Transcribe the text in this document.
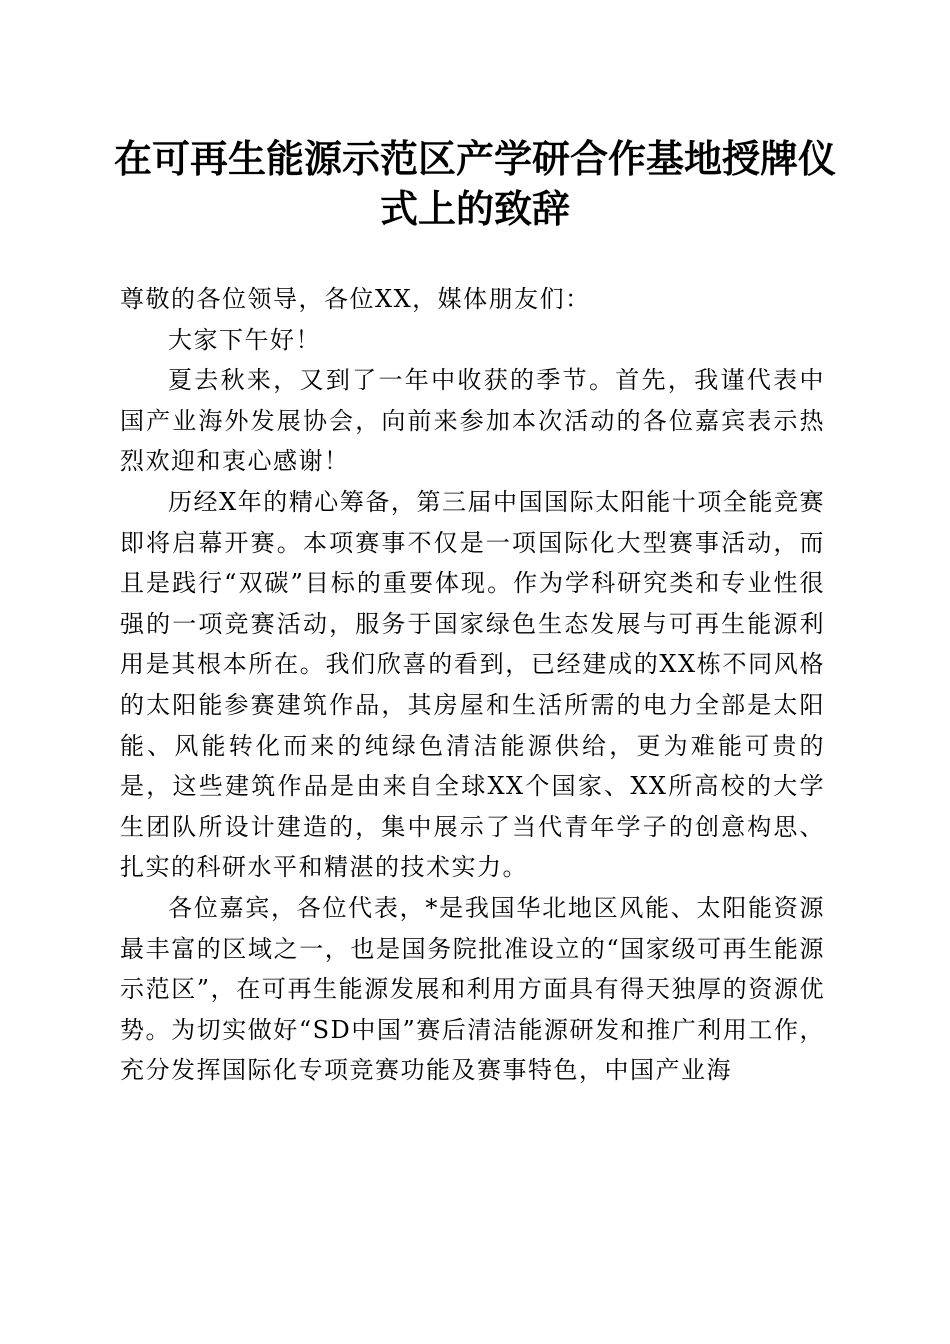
在可再生能源示范区产学研合作基地授牌仪式上的致辞

尊敬的各位领导，各位XX，媒体朋友们：

大家下午好！

夏去秋来，又到了一年中收获的季节。首先，我谨代表中国产业海外发展协会，向前来参加本次活动的各位嘉宾表示热烈欢迎和衷心感谢！

历经X年的精心筹备，第三届中国国际太阳能十项全能竞赛即将启幕开赛。本项赛事不仅是一项国际化大型赛事活动，而且是践行“双碳”目标的重要体现。作为学科研究类和专业性很强的一项竞赛活动，服务于国家绿色生态发展与可再生能源利用是其根本所在。我们欣喜的看到，已经建成的XX栋不同风格的太阳能参赛建筑作品，其房屋和生活所需的电力全部是太阳能、风能转化而来的纯绿色清洁能源供给，更为难能可贵的是，这些建筑作品是由来自全球XX个国家、XX所高校的大学生团队所设计建造的，集中展示了当代青年学子的创意构思、扎实的科研水平和精湛的技术实力。

各位嘉宾，各位代表，*是我国华北地区风能、太阳能资源最丰富的区域之一，也是国务院批准设立的“国家级可再生能源示范区”，在可再生能源发展和利用方面具有得天独厚的资源优势。为切实做好“SD中国”赛后清洁能源研发和推广利用工作，充分发挥国际化专项竞赛功能及赛事特色，中国产业海
